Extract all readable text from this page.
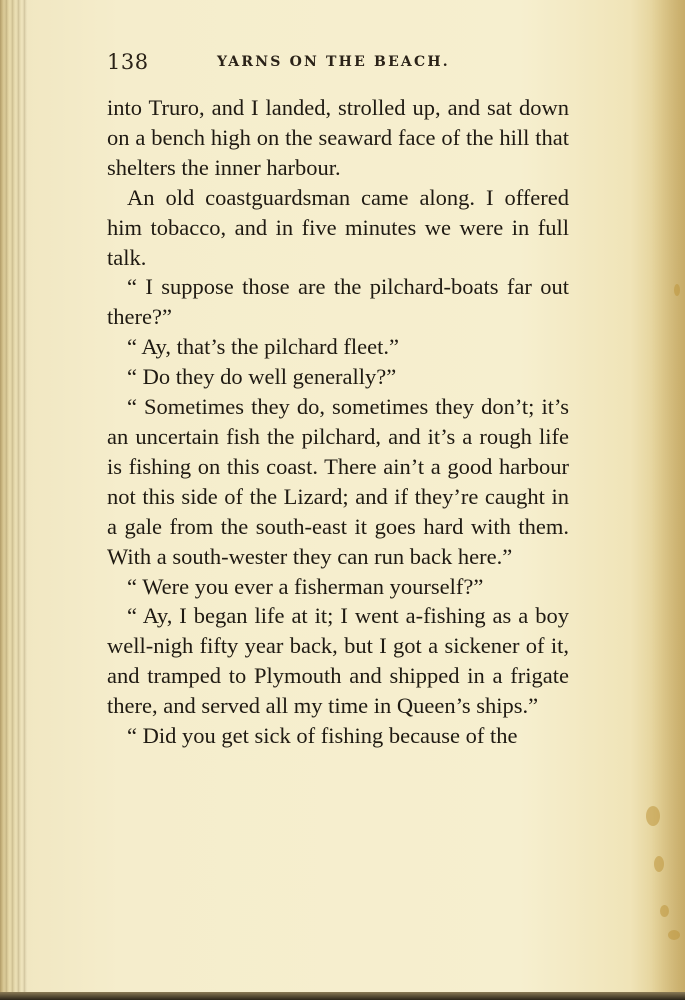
138	YARNS ON THE BEACH.

into Truro, and I landed, strolled up, and sat down on a bench high on the seaward face of the hill that shelters the inner harbour.

An old coastguardsman came along. I offered him tobacco, and in five minutes we were in full talk.

“ I suppose those are the pilchard-boats far out there?”

“ Ay, that’s the pilchard fleet.”

“ Do they do well generally?”

“ Sometimes they do, sometimes they don’t; it’s an uncertain fish the pilchard, and it’s a rough life is fishing on this coast. There ain’t a good harbour not this side of the Lizard; and if they’re caught in a gale from the south-east it goes hard with them. With a south-wester they can run back here.”

“ Were you ever a fisherman yourself?”

“ Ay, I began life at it; I went a-fishing as a boy well-nigh fifty year back, but I got a sickener of it, and tramped to Plymouth and shipped in a frigate there, and served all my time in Queen’s ships.”

“ Did you get sick of fishing because of the
